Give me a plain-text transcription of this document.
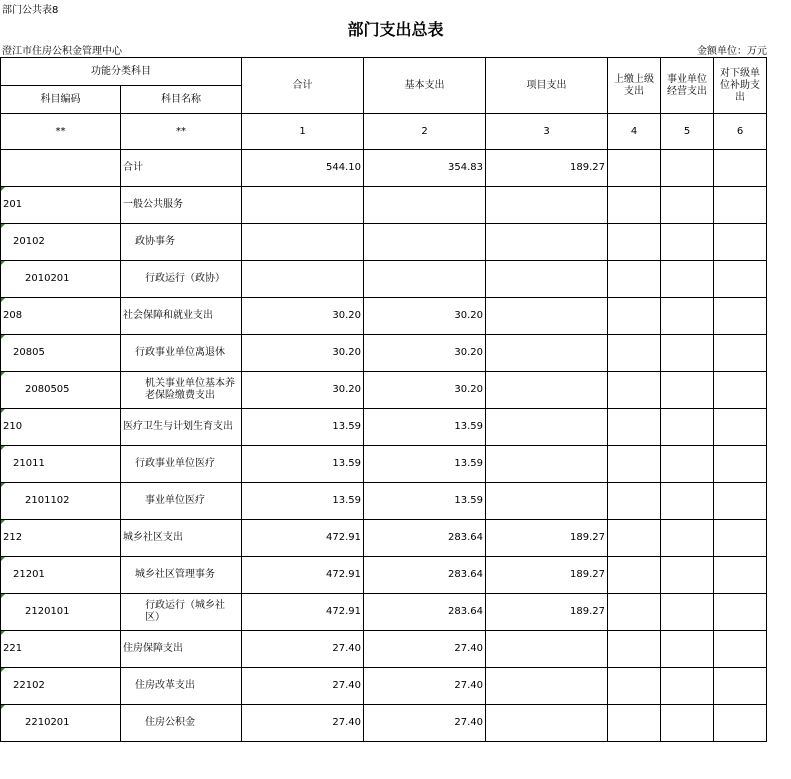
部门公共表8
部门支出总表
澄江市住房公积金管理中心	金额单位：万元
功能分类科目		合计	基本支出	项目支出	上缴上级支出	事业单位经营支出	对下级单位补助支出
科目编码	科目名称						
**	**	1	2	3	4	5	6
	合计	544.10	354.83	189.27			
201	一般公共服务						
20102	政协事务						
2010201	行政运行（政协）						
208	社会保障和就业支出	30.20	30.20				
20805	行政事业单位离退休	30.20	30.20				
2080505	机关事业单位基本养老保险缴费支出	30.20	30.20				
210	医疗卫生与计划生育支出	13.59	13.59				
21011	行政事业单位医疗	13.59	13.59				
2101102	事业单位医疗	13.59	13.59				
212	城乡社区支出	472.91	283.64	189.27			
21201	城乡社区管理事务	472.91	283.64	189.27			
2120101	行政运行（城乡社区）	472.91	283.64	189.27			
221	住房保障支出	27.40	27.40				
22102	住房改革支出	27.40	27.40				
2210201	住房公积金	27.40	27.40				
